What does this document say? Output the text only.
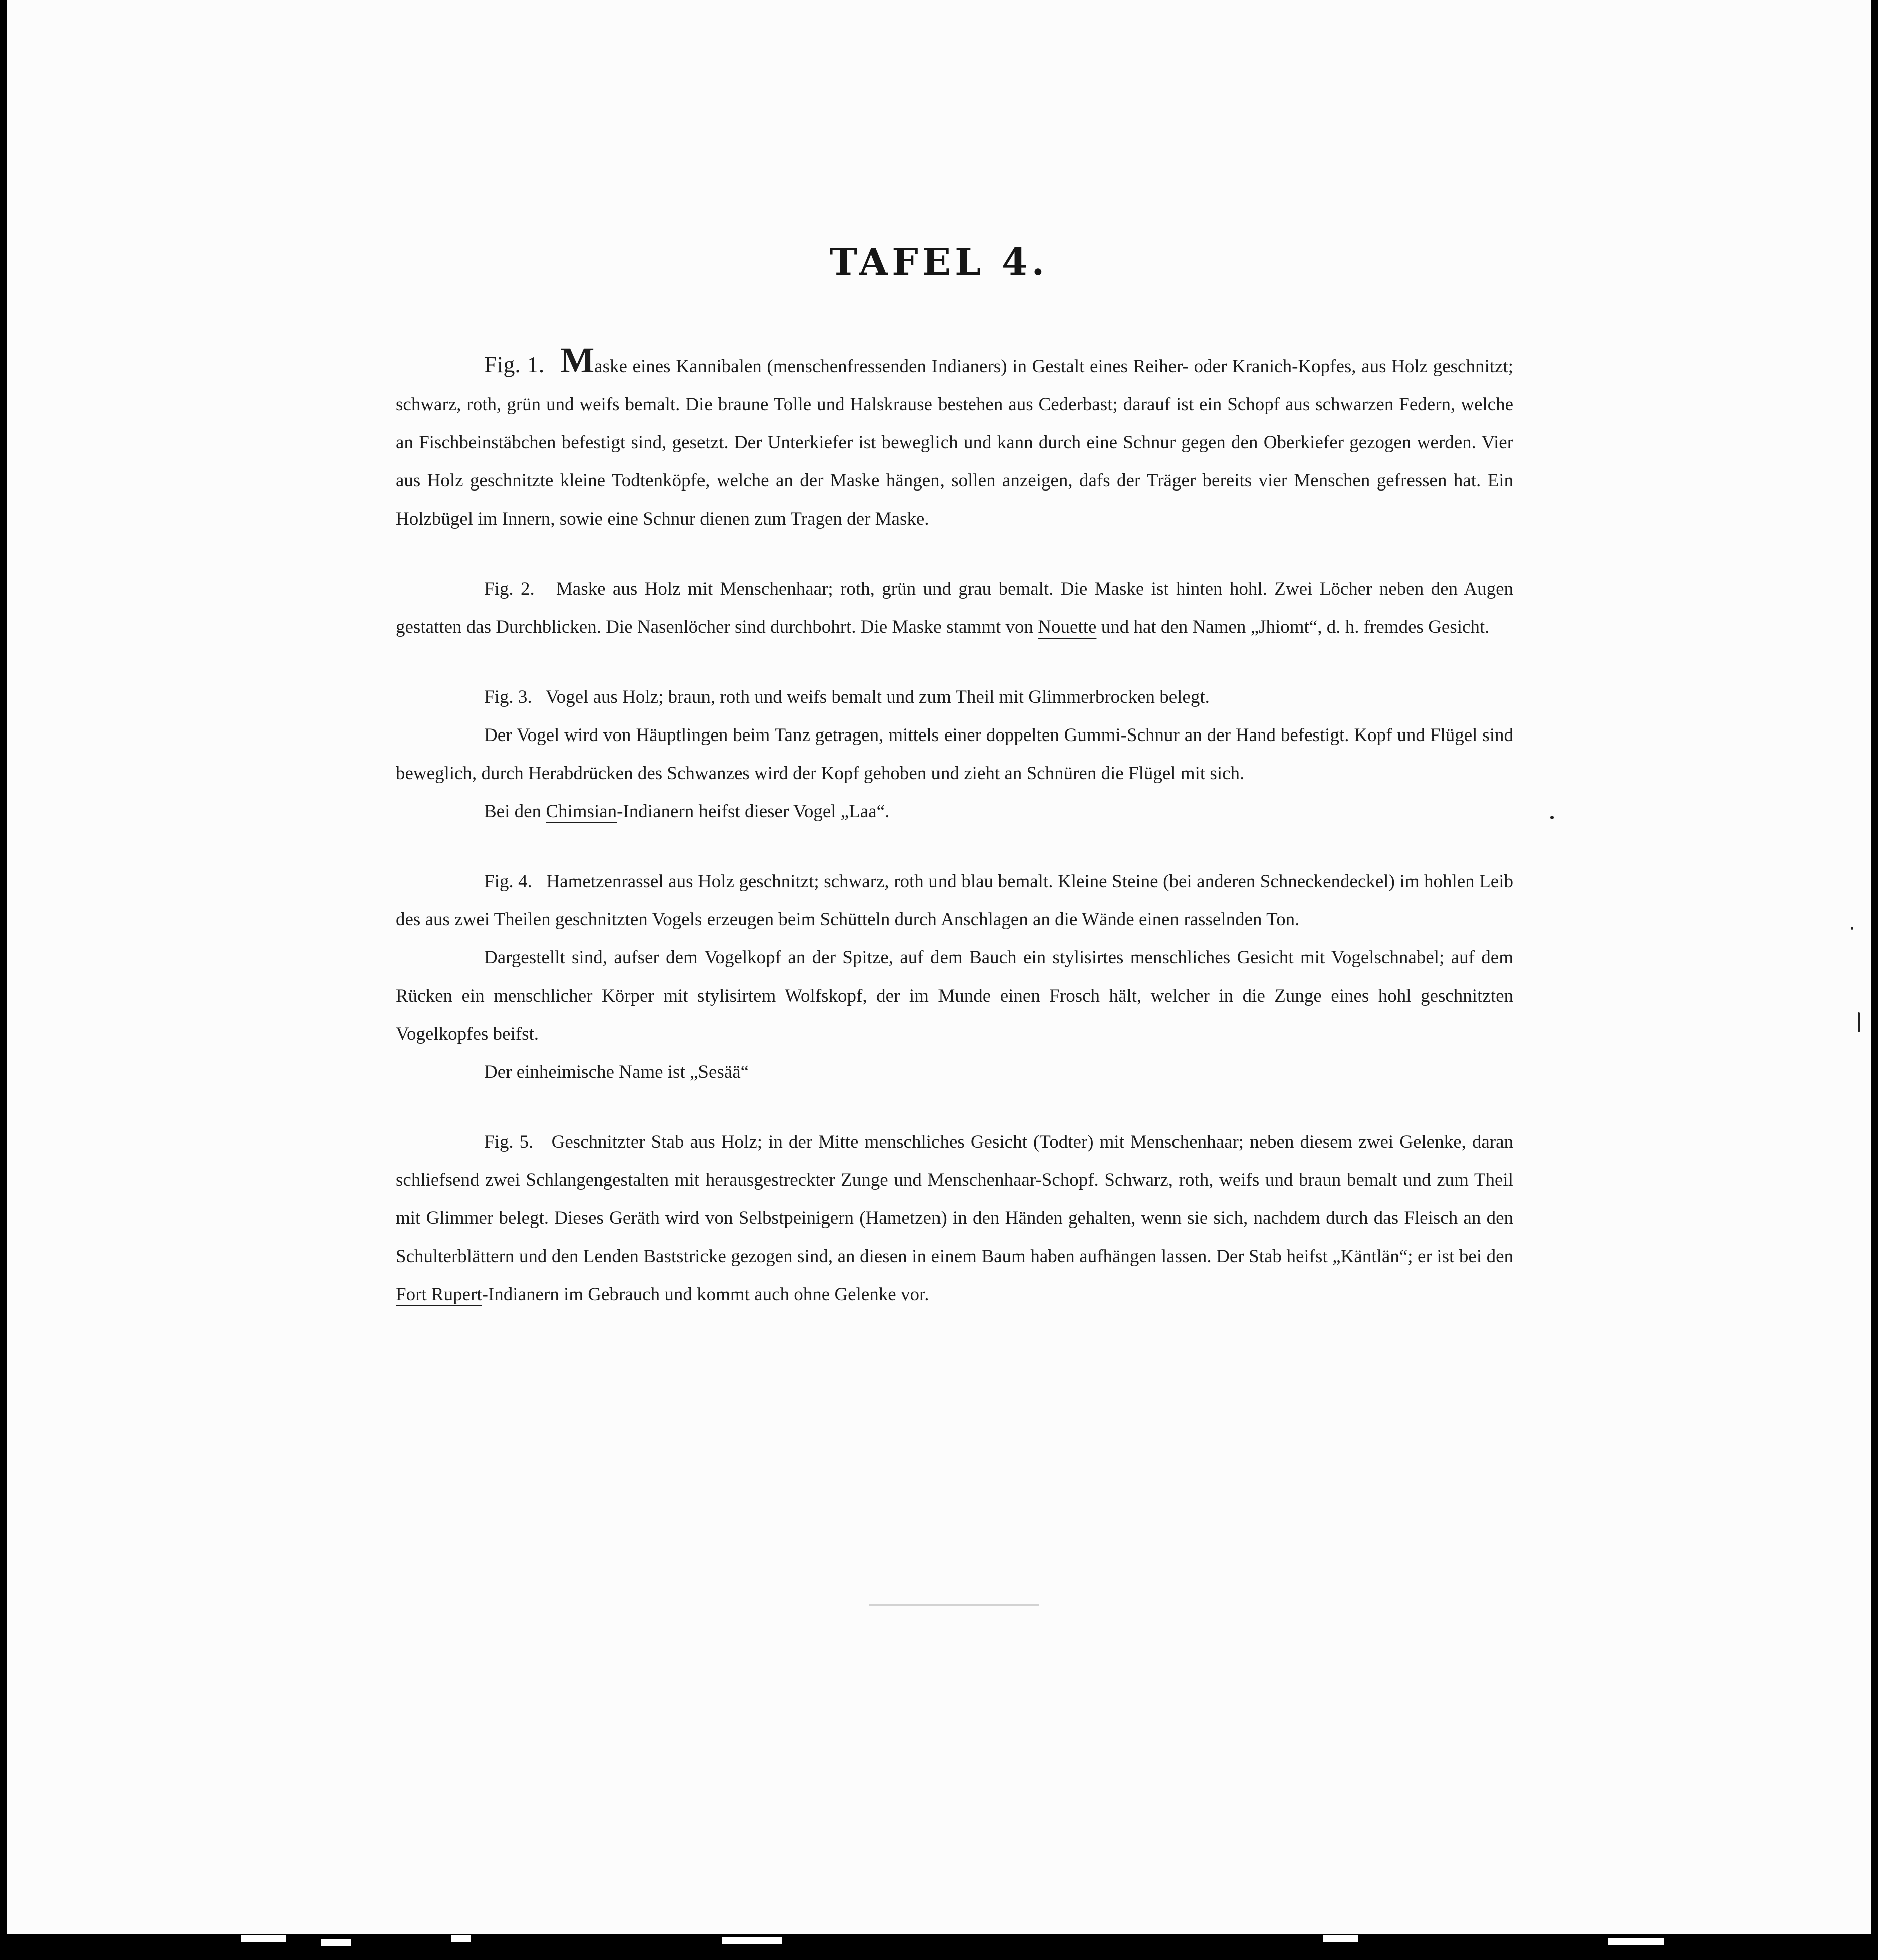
TAFEL 4.

Fig. 1. Maske eines Kannibalen (menschenfressenden Indianers) in Gestalt eines Reiher- oder Kranich-Kopfes, aus Holz geschnitzt; schwarz, roth, grün und weifs bemalt. Die braune Tolle und Halskrause bestehen aus Cederbast; darauf ist ein Schopf aus schwarzen Federn, welche an Fischbeinstäbchen befestigt sind, gesetzt. Der Unterkiefer ist beweglich und kann durch eine Schnur gegen den Oberkiefer gezogen werden. Vier aus Holz geschnitzte kleine Todtenköpfe, welche an der Maske hängen, sollen anzeigen, dafs der Träger bereits vier Menschen gefressen hat. Ein Holzbügel im Innern, sowie eine Schnur dienen zum Tragen der Maske.

Fig. 2. Maske aus Holz mit Menschenhaar; roth, grün und grau bemalt. Die Maske ist hinten hohl. Zwei Löcher neben den Augen gestatten das Durchblicken. Die Nasenlöcher sind durchbohrt. Die Maske stammt von Nouette und hat den Namen „Jhiomt“, d. h. fremdes Gesicht.

Fig. 3. Vogel aus Holz; braun, roth und weifs bemalt und zum Theil mit Glimmerbrocken belegt.

Der Vogel wird von Häuptlingen beim Tanz getragen, mittels einer doppelten Gummi-Schnur an der Hand befestigt. Kopf und Flügel sind beweglich, durch Herabdrücken des Schwanzes wird der Kopf gehoben und zieht an Schnüren die Flügel mit sich.

Bei den Chimsian-Indianern heifst dieser Vogel „Laa“.

Fig. 4. Hametzenrassel aus Holz geschnitzt; schwarz, roth und blau bemalt. Kleine Steine (bei anderen Schneckendeckel) im hohlen Leib des aus zwei Theilen geschnitzten Vogels erzeugen beim Schütteln durch Anschlagen an die Wände einen rasselnden Ton.

Dargestellt sind, aufser dem Vogelkopf an der Spitze, auf dem Bauch ein stylisirtes menschliches Gesicht mit Vogelschnabel; auf dem Rücken ein menschlicher Körper mit stylisirtem Wolfskopf, der im Munde einen Frosch hält, welcher in die Zunge eines hohl geschnitzten Vogelkopfes beifst.

Der einheimische Name ist „Sesää“

Fig. 5. Geschnitzter Stab aus Holz; in der Mitte menschliches Gesicht (Todter) mit Menschenhaar; neben diesem zwei Gelenke, daran schliefsend zwei Schlangengestalten mit herausgestreckter Zunge und Menschenhaar-Schopf. Schwarz, roth, weifs und braun bemalt und zum Theil mit Glimmer belegt. Dieses Geräth wird von Selbstpeinigern (Hametzen) in den Händen gehalten, wenn sie sich, nachdem durch das Fleisch an den Schulterblättern und den Lenden Baststricke gezogen sind, an diesen in einem Baum haben aufhängen lassen. Der Stab heifst „Käntlän“; er ist bei den Fort Rupert-Indianern im Gebrauch und kommt auch ohne Gelenke vor.
